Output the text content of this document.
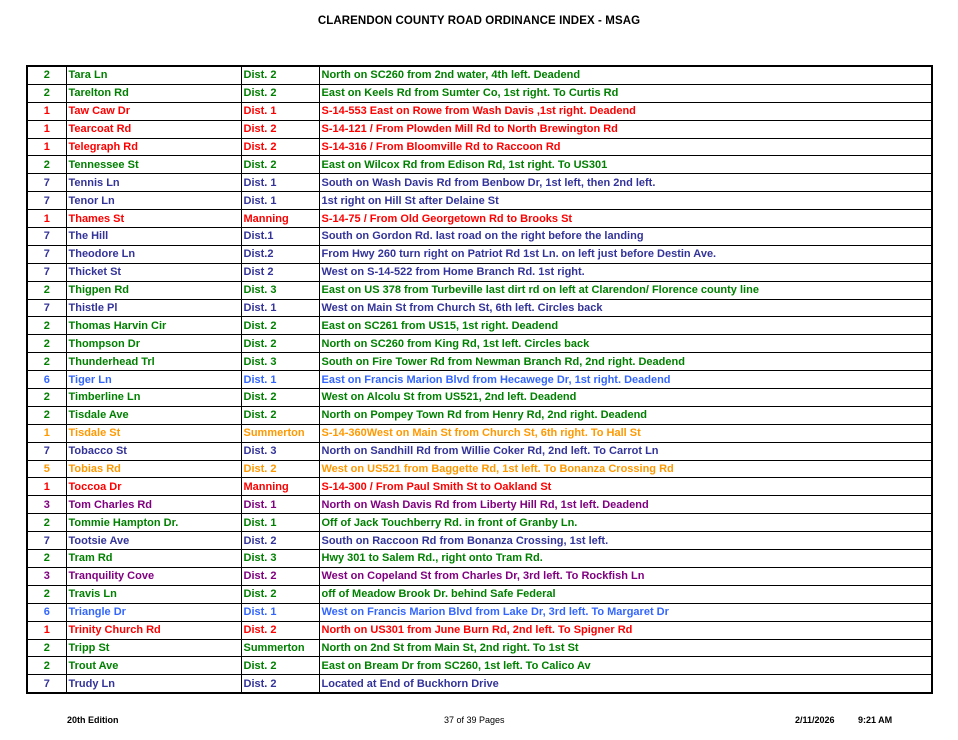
CLARENDON COUNTY ROAD ORDINANCE INDEX - MSAG
2	Tara Ln	Dist. 2	North on SC260 from 2nd water, 4th left. Deadend
2	Tarelton Rd	Dist. 2	East on Keels Rd from Sumter Co, 1st right. To Curtis Rd
1	Taw Caw Dr	Dist. 1	S-14-553 East on Rowe from Wash Davis ,1st right. Deadend
1	Tearcoat Rd	Dist. 2	S-14-121 / From Plowden Mill Rd to North Brewington Rd
1	Telegraph Rd	Dist. 2	S-14-316 / From Bloomville Rd to Raccoon Rd
2	Tennessee St	Dist. 2	East on Wilcox Rd from Edison Rd, 1st right. To US301
7	Tennis Ln	Dist. 1	South on Wash Davis Rd from Benbow Dr, 1st left, then 2nd left.
7	Tenor Ln	Dist. 1	1st right on Hill St after Delaine St
1	Thames St	Manning	S-14-75 / From Old Georgetown Rd to Brooks St
7	The Hill	Dist.1	South on Gordon Rd. last road on the right before the landing
7	Theodore Ln	Dist.2	From Hwy 260 turn right on Patriot Rd 1st Ln. on left just before Destin Ave.
7	Thicket St	Dist 2	West on S-14-522 from Home Branch Rd. 1st right.
2	Thigpen Rd	Dist. 3	East on US 378 from Turbeville last dirt rd on left at Clarendon/ Florence county line
7	Thistle Pl	Dist. 1	West on Main St from Church St, 6th left. Circles back
2	Thomas Harvin Cir	Dist. 2	East on SC261 from US15, 1st right. Deadend
2	Thompson Dr	Dist. 2	North on SC260 from King Rd, 1st left. Circles back
2	Thunderhead Trl	Dist. 3	South on Fire Tower Rd from Newman Branch Rd, 2nd right. Deadend
6	Tiger Ln	Dist. 1	East on Francis Marion Blvd from Hecawege Dr, 1st right. Deadend
2	Timberline Ln	Dist. 2	West on Alcolu St from US521, 2nd left. Deadend
2	Tisdale Ave	Dist. 2	North on Pompey Town Rd from Henry Rd, 2nd right. Deadend
1	Tisdale St	Summerton	S-14-360West on Main St from Church St, 6th right. To Hall St
7	Tobacco St	Dist. 3	North on Sandhill Rd from Willie Coker Rd, 2nd left. To Carrot Ln
5	Tobias Rd	Dist. 2	West on US521 from Baggette Rd, 1st left. To Bonanza Crossing Rd
1	Toccoa Dr	Manning	S-14-300 / From Paul Smith St to Oakland St
3	Tom Charles Rd	Dist. 1	North on Wash Davis Rd from Liberty Hill Rd, 1st left. Deadend
2	Tommie Hampton Dr.	Dist. 1	Off of Jack Touchberry Rd. in front of Granby Ln.
7	Tootsie Ave	Dist. 2	South on Raccoon Rd from Bonanza Crossing, 1st left.
2	Tram Rd	Dist. 3	Hwy 301 to Salem Rd., right onto Tram Rd.
3	Tranquility Cove	Dist. 2	West on Copeland St from Charles Dr, 3rd left. To Rockfish Ln
2	Travis Ln	Dist. 2	off of Meadow Brook Dr. behind Safe Federal
6	Triangle Dr	Dist. 1	West on Francis Marion Blvd from Lake Dr, 3rd left. To Margaret Dr
1	Trinity Church Rd	Dist. 2	North on US301 from June Burn Rd, 2nd left. To Spigner Rd
2	Tripp St	Summerton	North on 2nd St from Main St, 2nd right. To 1st St
2	Trout Ave	Dist. 2	East on Bream Dr from SC260, 1st left. To Calico Av
7	Trudy Ln	Dist. 2	Located at End of Buckhorn Drive
20th Edition	37 of 39 Pages	2/11/2026	9:21 AM
